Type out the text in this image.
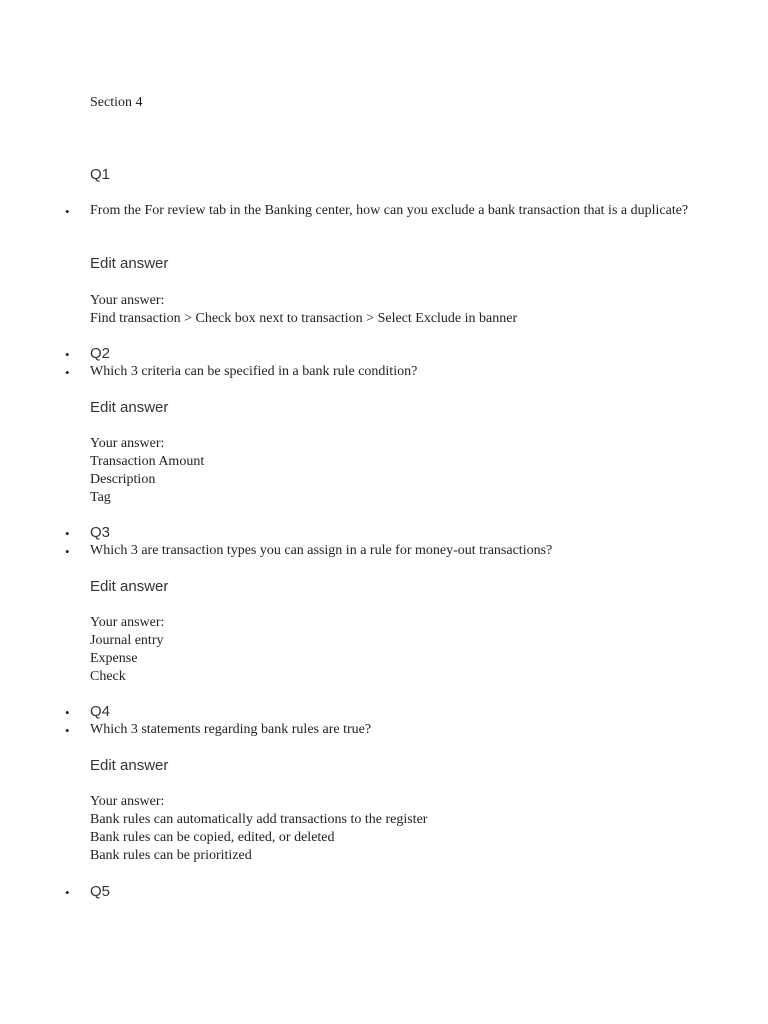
Section 4
Q1
• From the For review tab in the Banking center, how can you exclude a bank transaction that is a duplicate?
Edit answer
Your answer:
Find transaction > Check box next to transaction > Select Exclude in banner
• Q2
• Which 3 criteria can be specified in a bank rule condition?
Edit answer
Your answer:
Transaction Amount
Description
Tag
• Q3
• Which 3 are transaction types you can assign in a rule for money-out transactions?
Edit answer
Your answer:
Journal entry
Expense
Check
• Q4
• Which 3 statements regarding bank rules are true?
Edit answer
Your answer:
Bank rules can automatically add transactions to the register
Bank rules can be copied, edited, or deleted
Bank rules can be prioritized
• Q5
